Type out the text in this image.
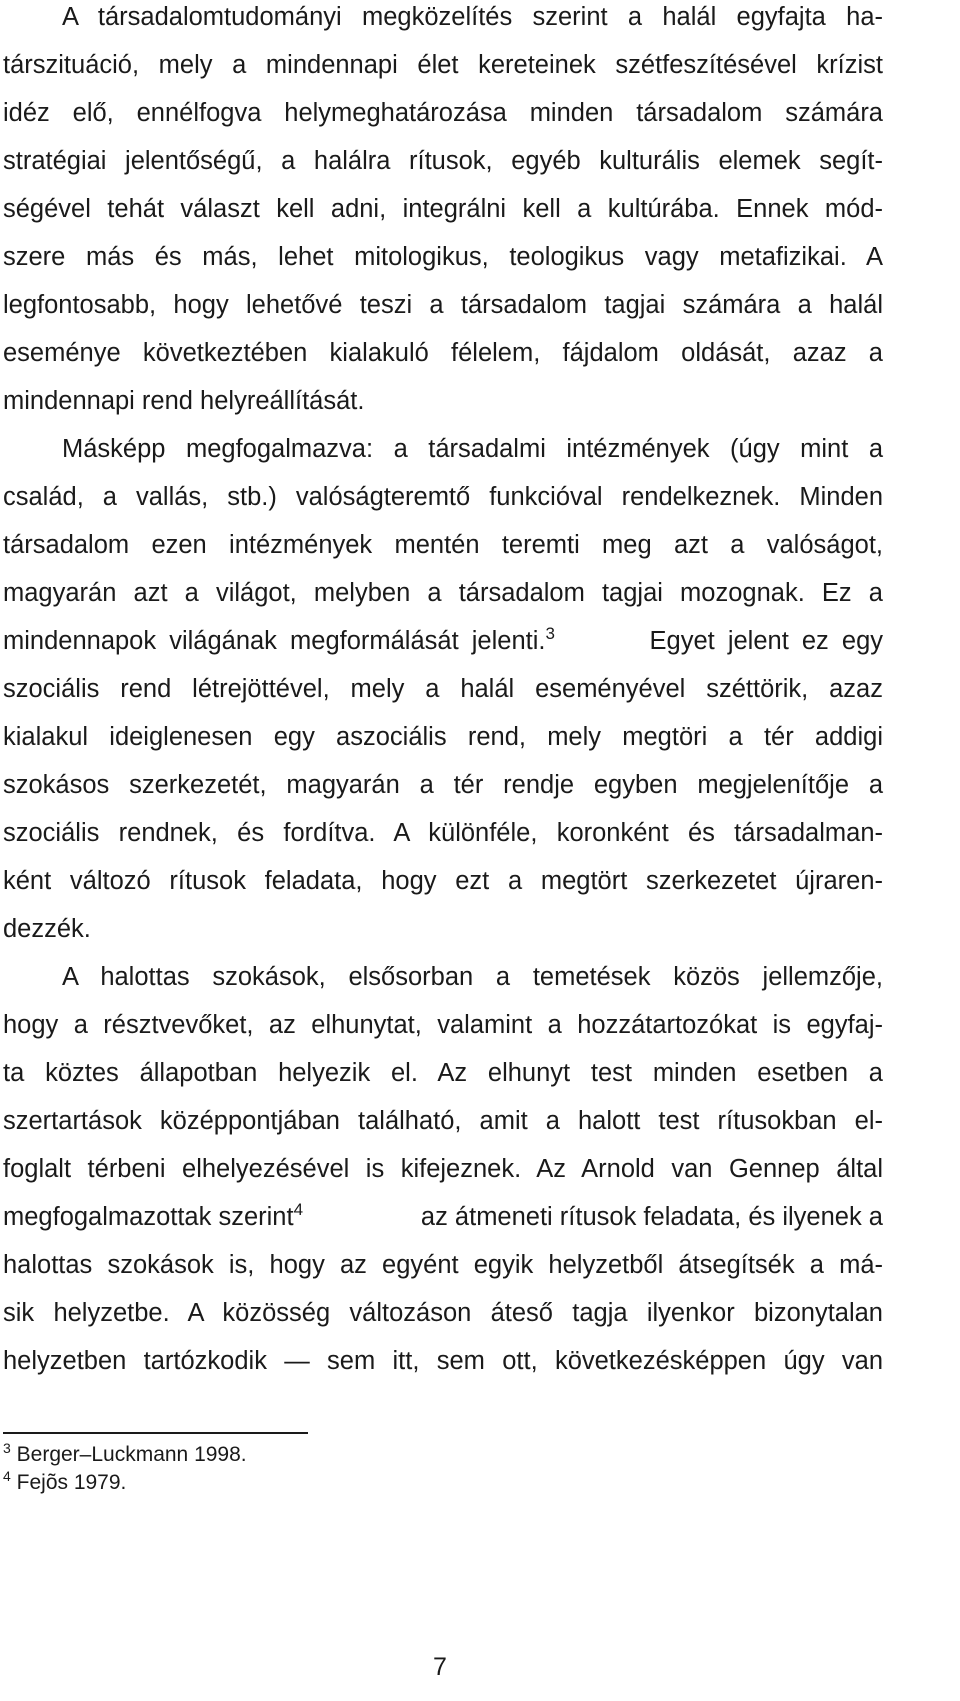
A társadalomtudományi megközelítés szerint a halál egyfajta ha-
társzituáció, mely a mindennapi élet kereteinek szétfeszítésével krízist
idéz elő, ennélfogva helymeghatározása minden társadalom számára
stratégiai jelentőségű, a halálra rítusok, egyéb kulturális elemek segít-
ségével tehát választ kell adni, integrálni kell a kultúrába. Ennek mód-
szere más és más, lehet mitologikus, teologikus vagy metafizikai. A
legfontosabb, hogy lehetővé teszi a társadalom tagjai számára a halál
eseménye következtében kialakuló félelem, fájdalom oldását, azaz a
mindennapi rend helyreállítását.
Másképp megfogalmazva: a társadalmi intézmények (úgy mint a
család, a vallás, stb.) valóságteremtő funkcióval rendelkeznek. Minden
társadalom ezen intézmények mentén teremti meg azt a valóságot,
magyarán azt a világot, melyben a társadalom tagjai mozognak. Ez a
mindennapok világának megformálását jelenti.$^3$	Egyet jelent ez egy
szociális rend létrejöttével, mely a halál eseményével széttörik, azaz
kialakul ideiglenesen egy aszociális rend, mely megtöri a tér addigi
szokásos szerkezetét, magyarán a tér rendje egyben megjelenítője a
szociális rendnek, és fordítva. A különféle, koronként és társadalman-
ként változó rítusok feladata, hogy ezt a megtört szerkezetet újraren-
dezzék.
A halottas szokások, elsősorban a temetések közös jellemzője,
hogy a résztvevőket, az elhunytat, valamint a hozzátartozókat is egyfaj-
ta köztes állapotban helyezik el. Az elhunyt test minden esetben a
szertartások középpontjában található, amit a halott test rítusokban el-
foglalt térbeni elhelyezésével is kifejeznek. Az Arnold van Gennep által
megfogalmazottak szerint$^4$	az átmeneti rítusok feladata, és ilyenek a
halottas szokások is, hogy az egyént egyik helyzetből átsegítsék a má-
sik helyzetbe. A közösség változáson áteső tagja ilyenkor bizonytalan
helyzetben tartózkodik — sem itt, sem ott, következésképpen úgy van
$^3$ Berger–Luckmann 1998.
$^4$ Fejõs 1979.
7
